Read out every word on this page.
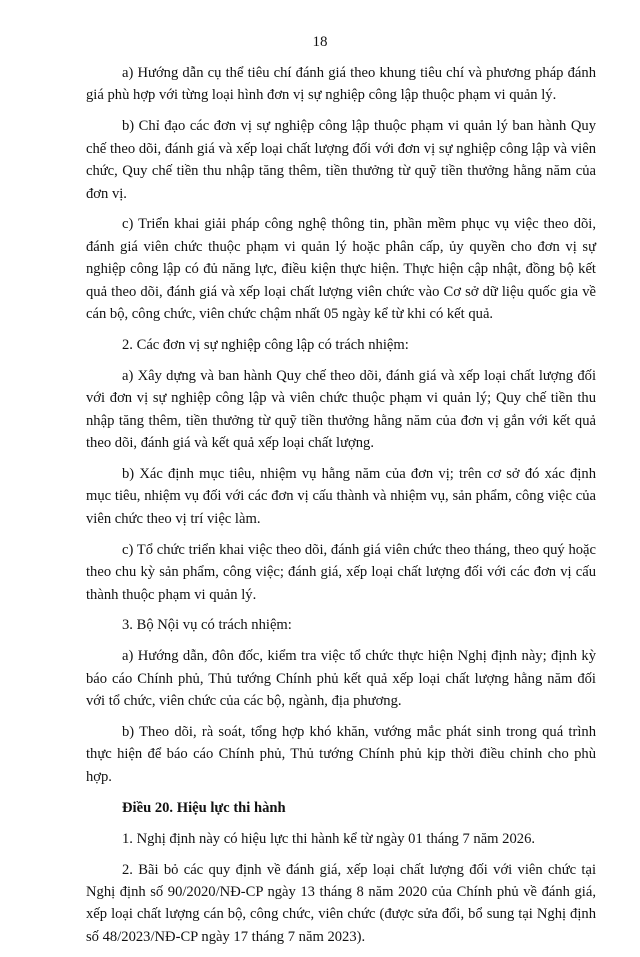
18

a) Hướng dẫn cụ thể tiêu chí đánh giá theo khung tiêu chí và phương pháp đánh giá phù hợp với từng loại hình đơn vị sự nghiệp công lập thuộc phạm vi quản lý.

b) Chỉ đạo các đơn vị sự nghiệp công lập thuộc phạm vi quản lý ban hành Quy chế theo dõi, đánh giá và xếp loại chất lượng đối với đơn vị sự nghiệp công lập và viên chức, Quy chế tiền thu nhập tăng thêm, tiền thưởng từ quỹ tiền thưởng hằng năm của đơn vị.

c) Triển khai giải pháp công nghệ thông tin, phần mềm phục vụ việc theo dõi, đánh giá viên chức thuộc phạm vi quản lý hoặc phân cấp, ủy quyền cho đơn vị sự nghiệp công lập có đủ năng lực, điều kiện thực hiện. Thực hiện cập nhật, đồng bộ kết quả theo dõi, đánh giá và xếp loại chất lượng viên chức vào Cơ sở dữ liệu quốc gia về cán bộ, công chức, viên chức chậm nhất 05 ngày kể từ khi có kết quả.

2. Các đơn vị sự nghiệp công lập có trách nhiệm:

a) Xây dựng và ban hành Quy chế theo dõi, đánh giá và xếp loại chất lượng đối với đơn vị sự nghiệp công lập và viên chức thuộc phạm vi quản lý; Quy chế tiền thu nhập tăng thêm, tiền thưởng từ quỹ tiền thưởng hằng năm của đơn vị gắn với kết quả theo dõi, đánh giá và kết quả xếp loại chất lượng.

b) Xác định mục tiêu, nhiệm vụ hằng năm của đơn vị; trên cơ sở đó xác định mục tiêu, nhiệm vụ đối với các đơn vị cấu thành và nhiệm vụ, sản phẩm, công việc của viên chức theo vị trí việc làm.

c) Tổ chức triển khai việc theo dõi, đánh giá viên chức theo tháng, theo quý hoặc theo chu kỳ sản phẩm, công việc; đánh giá, xếp loại chất lượng đối với các đơn vị cấu thành thuộc phạm vi quản lý.

3. Bộ Nội vụ có trách nhiệm:

a) Hướng dẫn, đôn đốc, kiểm tra việc tổ chức thực hiện Nghị định này; định kỳ báo cáo Chính phủ, Thủ tướng Chính phủ kết quả xếp loại chất lượng hằng năm đối với tổ chức, viên chức của các bộ, ngành, địa phương.

b) Theo dõi, rà soát, tổng hợp khó khăn, vướng mắc phát sinh trong quá trình thực hiện để báo cáo Chính phủ, Thủ tướng Chính phủ kịp thời điều chỉnh cho phù hợp.

Điều 20. Hiệu lực thi hành

1. Nghị định này có hiệu lực thi hành kể từ ngày 01 tháng 7 năm 2026.

2. Bãi bỏ các quy định về đánh giá, xếp loại chất lượng đối với viên chức tại Nghị định số 90/2020/NĐ-CP ngày 13 tháng 8 năm 2020 của Chính phủ về đánh giá, xếp loại chất lượng cán bộ, công chức, viên chức (được sửa đổi, bổ sung tại Nghị định số 48/2023/NĐ-CP ngày 17 tháng 7 năm 2023).
